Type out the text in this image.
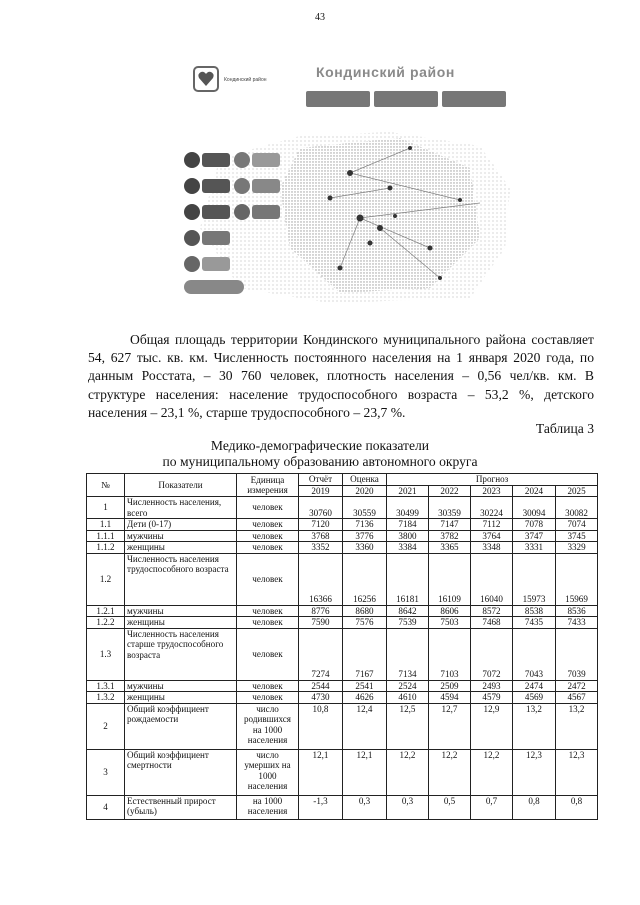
43
Кондинский район	Кондинский район

Общая площадь территории Кондинского муниципального района составляет 54, 627 тыс. кв. км. Численность постоянного населения на 1 января 2020 года, по данным Росстата, – 30 760 человек, плотность населения – 0,56 чел/кв. км. В структуре населения: население трудоспособного возраста – 53,2 %, детского населения – 23,1 %, старше трудоспособного – 23,7 %.

Таблица 3
Медико-демографические показатели
по муниципальному образованию автономного округа
№	Показатели	Единица измерения	Отчёт	Оценка	Прогноз				
			2019	2020	2021	2022	2023	2024	2025
1	Численность населения, всего	человек	30760	30559	30499	30359	30224	30094	30082
1.1	Дети (0-17)	человек	7120	7136	7184	7147	7112	7078	7074
1.1.1	мужчины	человек	3768	3776	3800	3782	3764	3747	3745
1.1.2	женщины	человек	3352	3360	3384	3365	3348	3331	3329
1.2	Численность населения трудоспособного возраста	человек	16366	16256	16181	16109	16040	15973	15969
1.2.1	мужчины	человек	8776	8680	8642	8606	8572	8538	8536
1.2.2	женщины	человек	7590	7576	7539	7503	7468	7435	7433
1.3	Численность населения старше трудоспособного возраста	человек	7274	7167	7134	7103	7072	7043	7039
1.3.1	мужчины	человек	2544	2541	2524	2509	2493	2474	2472
1.3.2	женщины	человек	4730	4626	4610	4594	4579	4569	4567
2	Общий коэффициент рождаемости	число родившихся на 1000 населения	10,8	12,4	12,5	12,7	12,9	13,2	13,2
3	Общий коэффициент смертности	число умерших на 1000 населения	12,1	12,1	12,2	12,2	12,2	12,3	12,3
4	Естественный прирост (убыль)	на 1000 населения	-1,3	0,3	0,3	0,5	0,7	0,8	0,8
